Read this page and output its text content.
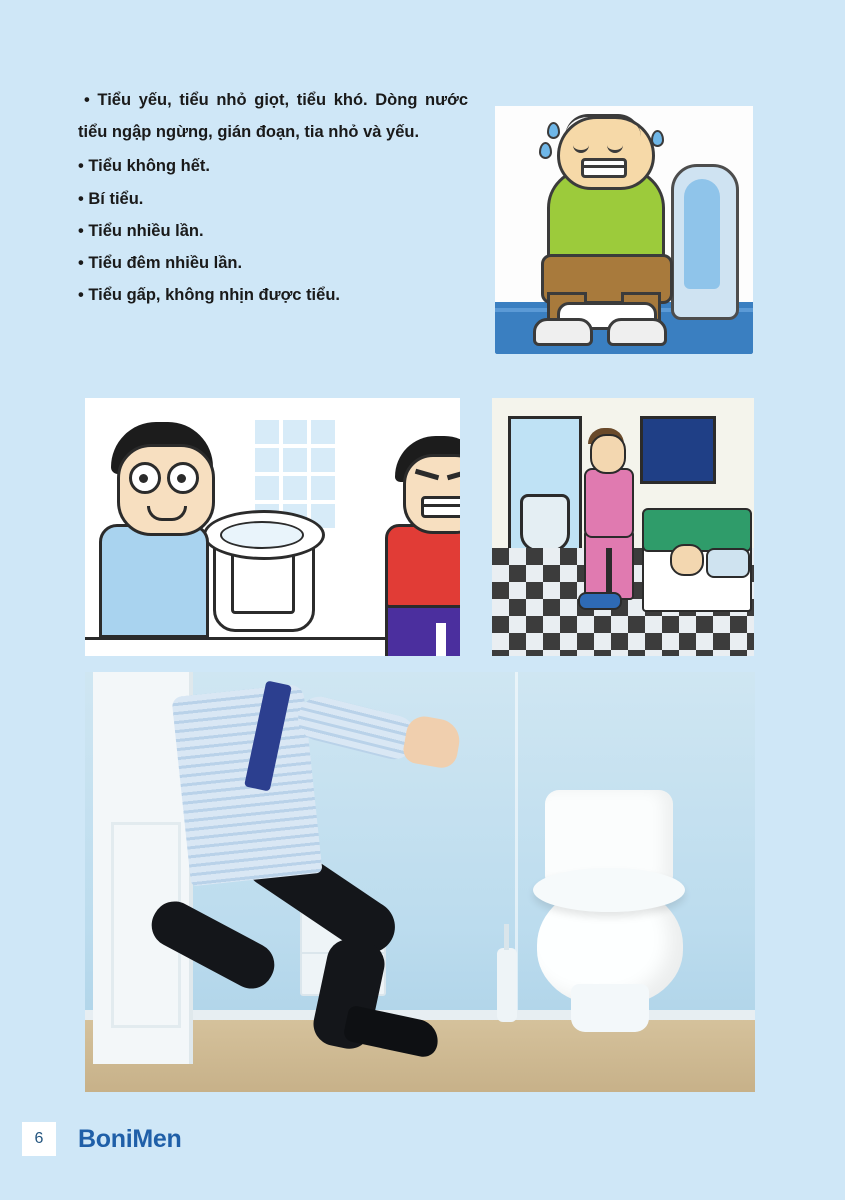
• Tiểu yếu, tiểu nhỏ giọt, tiểu khó. Dòng nước tiểu ngập ngừng, gián đoạn, tia nhỏ và yếu.

• Tiểu không hết.

• Bí tiểu.

• Tiểu nhiều lần.

• Tiểu đêm nhiều lần.

• Tiểu gấp, không nhịn được tiểu.

6	BoniMen
